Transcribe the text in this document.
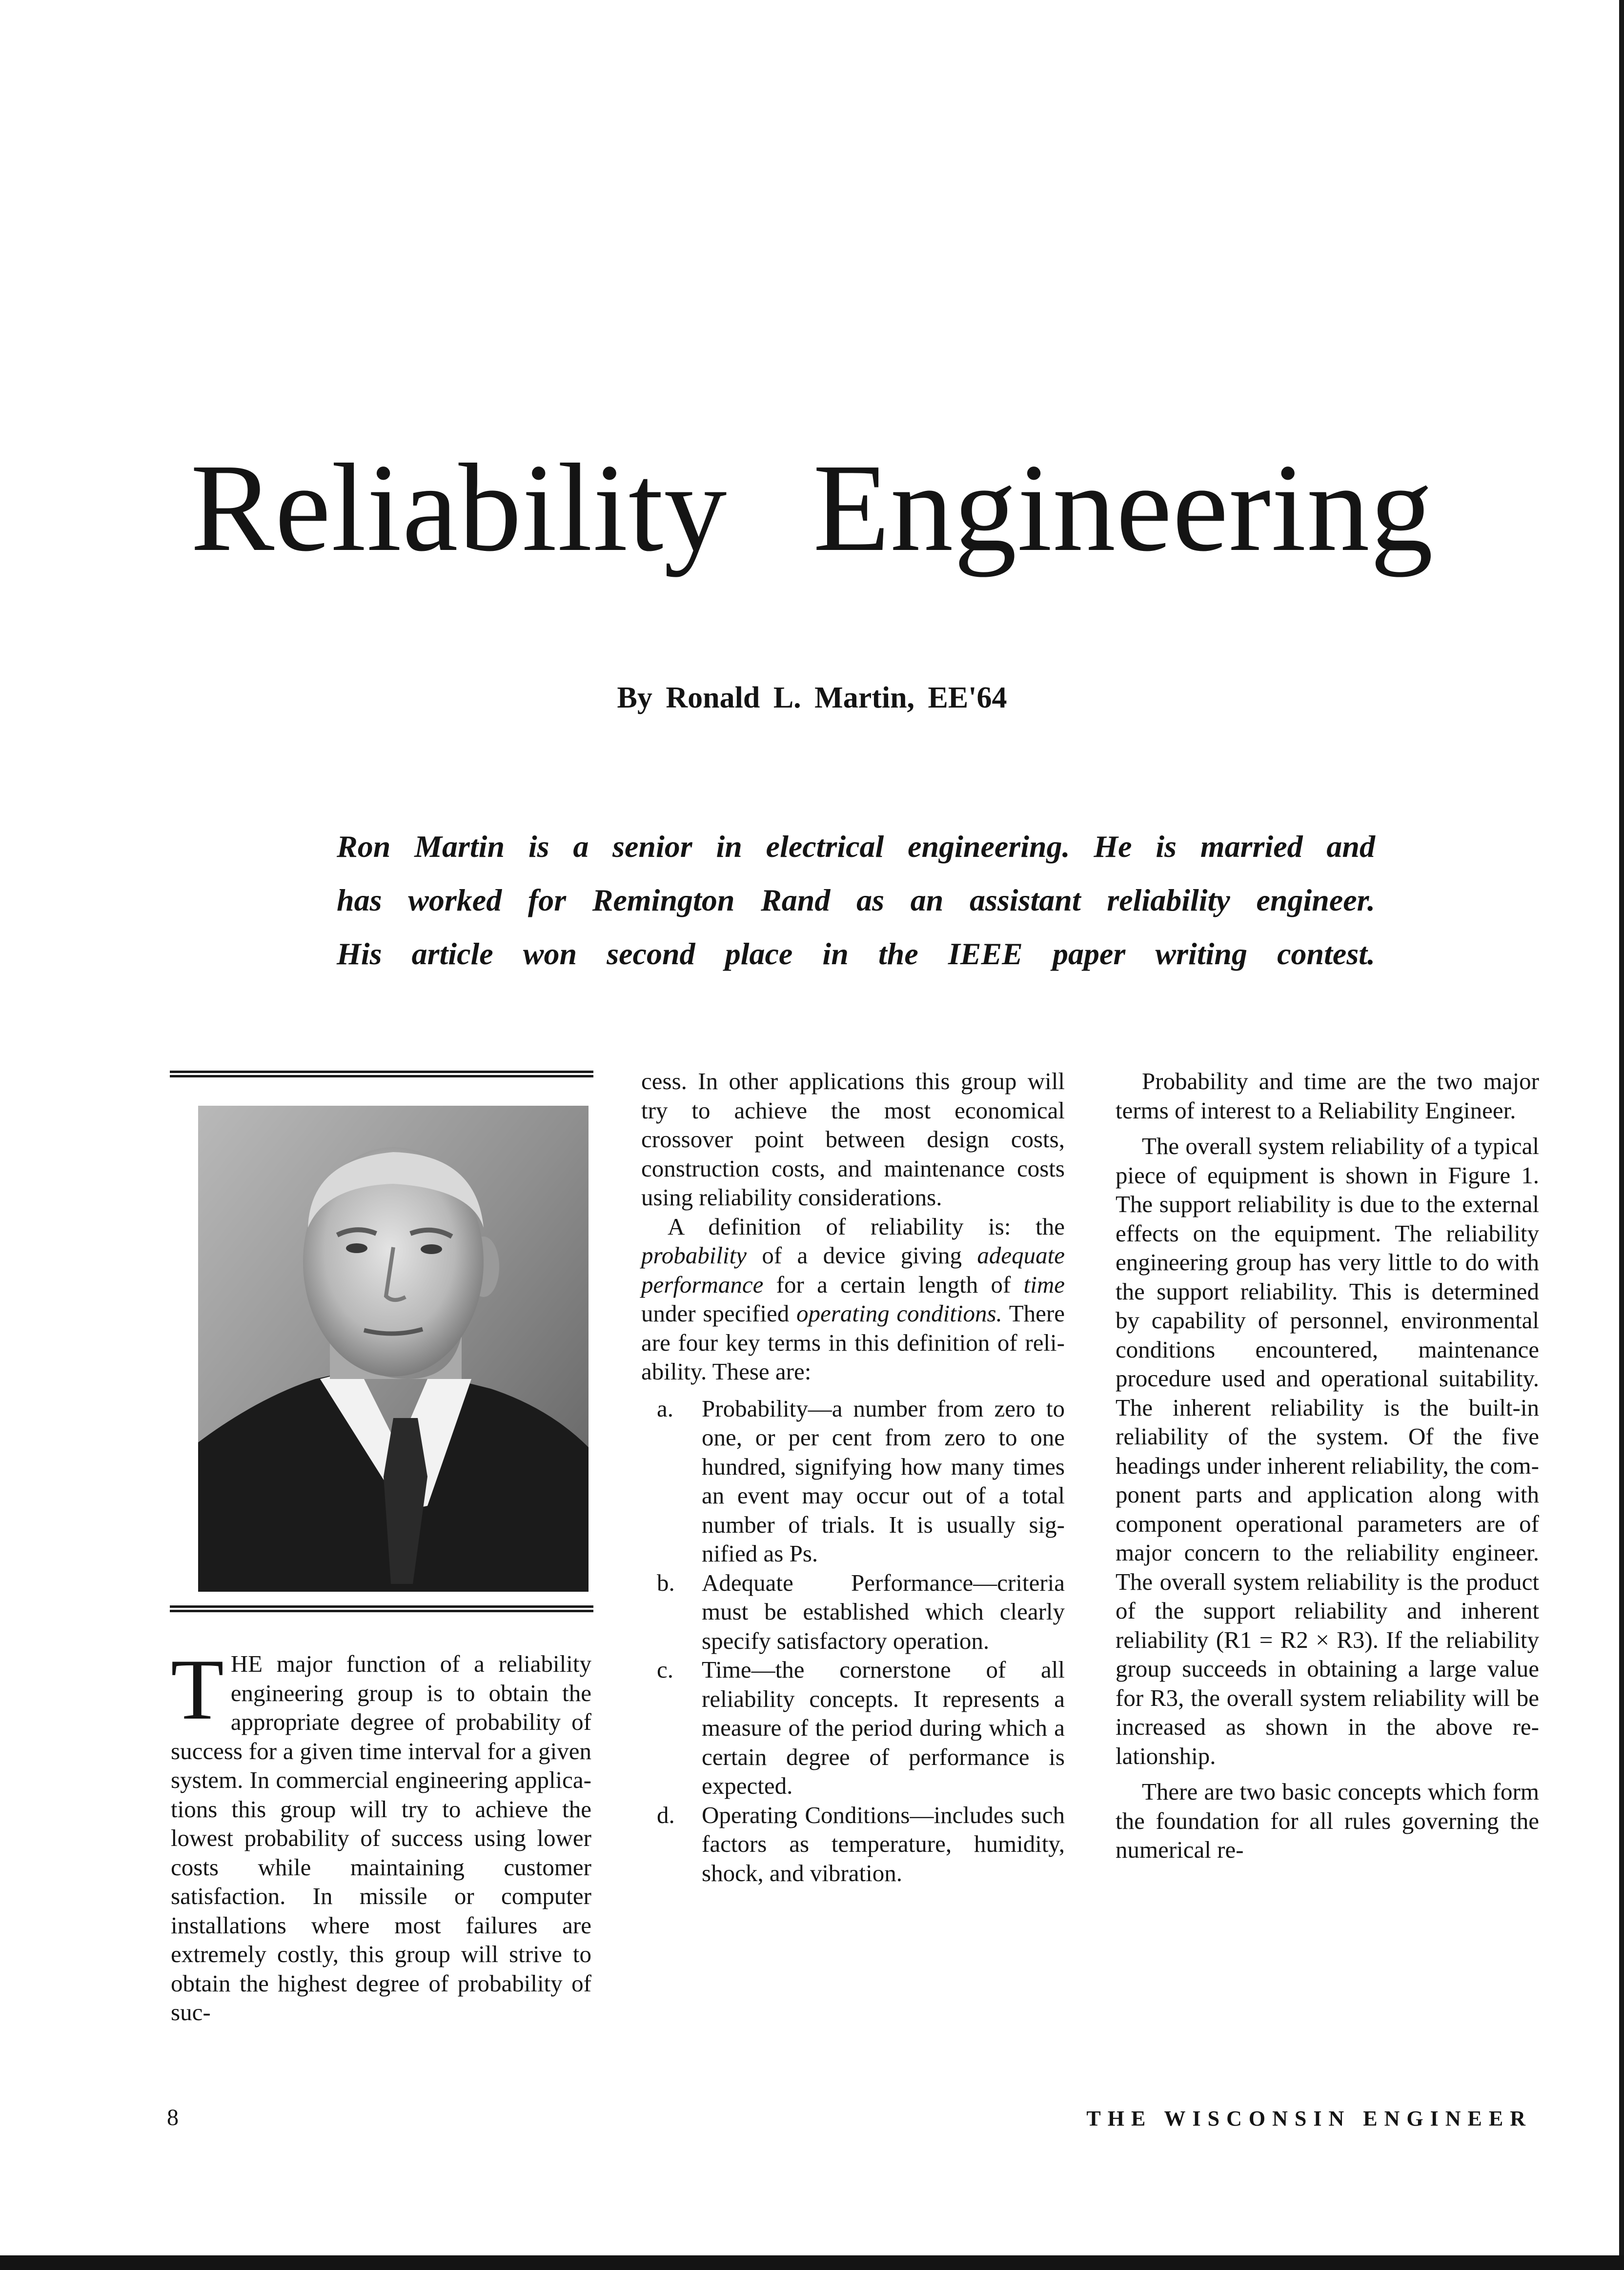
Reliability Engineering
By Ronald L. Martin, EE'64
Ron Martin is a senior in electrical engineering. He is married and
has worked for Remington Rand as an assistant reliability engineer.
His article won second place in the IEEE paper writing contest.

THE major function of a reliability engineering group is to obtain the appropriate degree of probability of success for a given time interval for a given system. In commercial engineering applications this group will try to achieve the lowest probability of success using lower costs while maintaining customer satisfaction. In missile or computer installations where most failures are extremely costly, this group will strive to obtain the highest degree of probability of suc-

cess. In other applications this group will try to achieve the most economical crossover point between design costs, construction costs, and maintenance costs using reliability considerations.

A definition of reliability is: the probability of a device giving adequate performance for a certain length of time under specified operating conditions. There are four key terms in this definition of reliability. These are:

a. Probability—a number from zero to one, or per cent from zero to one hundred, signifying how many times an event may occur out of a total number of trials. It is usually signified as Ps.
b. Adequate Performance—criteria must be established which clearly specify satisfactory operation.
c. Time—the cornerstone of all reliability concepts. It represents a measure of the period during which a certain degree of performance is expected.
d. Operating Conditions—includes such factors as temperature, humidity, shock, and vibration.

Probability and time are the two major terms of interest to a Reliability Engineer.

The overall system reliability of a typical piece of equipment is shown in Figure 1. The support reliability is due to the external effects on the equipment. The reliability engineering group has very little to do with the support reliability. This is determined by capability of personnel, environmental conditions encountered, maintenance procedure used and operational suitability. The inherent reliability is the built-in reliability of the system. Of the five headings under inherent reliability, the component parts and application along with component operational parameters are of major concern to the reliability engineer. The overall system reliability is the product of the support reliability and inherent reliability (R1 = R2 × R3). If the reliability group succeeds in obtaining a large value for R3, the overall system reliability will be increased as shown in the above relationship.

There are two basic concepts which form the foundation for all rules governing the numerical re-

8	THE WISCONSIN ENGINEER
